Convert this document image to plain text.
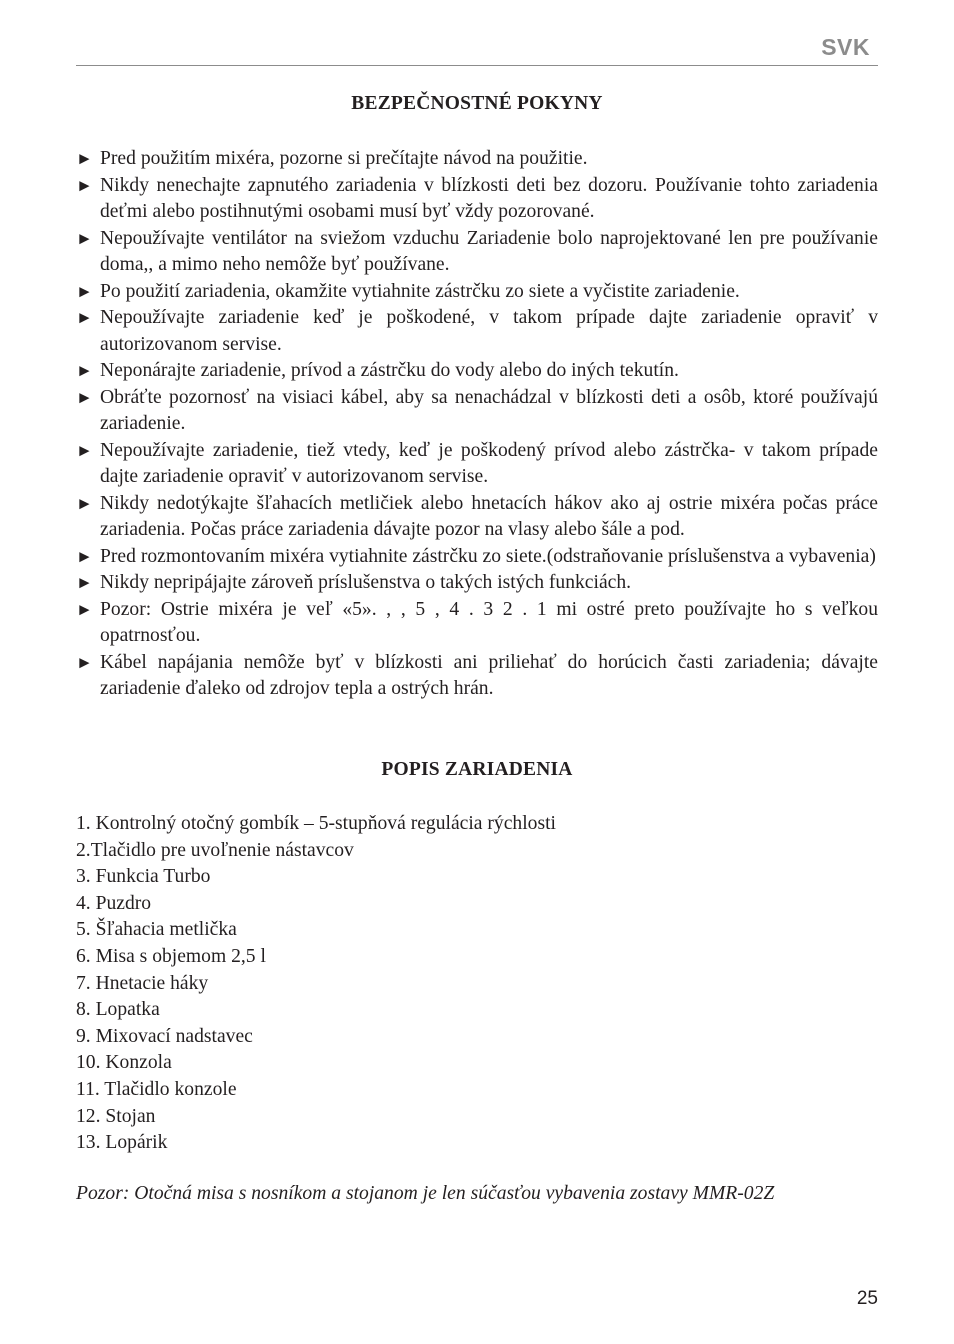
SVK
BEZPEČNOSTNÉ POKYNY
► Pred použitím mixéra, pozorne si prečítajte návod na použitie.
► Nikdy nenechajte zapnutého zariadenia v blízkosti deti bez dozoru. Používanie tohto zariadenia deťmi alebo postihnutými osobami musí byť vždy pozorované.
► Nepoužívajte ventilátor na sviežom vzduchu Zariadenie bolo naprojektované len pre používanie doma,, a mimo neho nemôže byť používane.
► Po použití zariadenia, okamžite vytiahnite zástrčku zo siete a vyčistite zariadenie.
► Nepoužívajte zariadenie keď je poškodené, v takom prípade dajte zariadenie opraviť v autorizovanom servise.
► Neponárajte zariadenie, prívod a zástrčku do vody alebo do iných tekutín.
► Obráťte pozornosť na visiaci kábel, aby sa nenachádzal v blízkosti deti a osôb, ktoré používajú zariadenie.
► Nepoužívajte zariadenie, tiež vtedy, keď je poškodený prívod alebo zástrčka- v takom prípade dajte zariadenie opraviť v autorizovanom servise.
► Nikdy nedotýkajte šľahacích metličiek alebo hnetacích hákov ako aj ostrie mixéra počas práce zariadenia. Počas práce zariadenia dávajte pozor na vlasy alebo šále a pod.
► Pred rozmontovaním mixéra vytiahnite zástrčku zo siete.(odstraňovanie príslušenstva a vybavenia)
► Nikdy nepripájajte zároveň príslušenstva o takých istých funkciách.
► Pozor: Ostrie mixéra je veľ «5». , , 5 , 4 . 3 2 . 1 mi ostré preto používajte ho s veľkou opatrnosťou.
► Kábel napájania nemôže byť v blízkosti ani priliehať do horúcich časti zariadenia; dávajte zariadenie ďaleko od zdrojov tepla a ostrých hrán.
POPIS ZARIADENIA
1. Kontrolný otočný gombík – 5-stupňová regulácia rýchlosti
2.Tlačidlo pre uvoľnenie nástavcov
3. Funkcia Turbo
4. Puzdro
5. Šľahacia metlička
6. Misa s objemom 2,5 l
7. Hnetacie háky
8. Lopatka
9. Mixovací nadstavec
10. Konzola
11. Tlačidlo konzole
12. Stojan
13. Lopárik
Pozor: Otočná misa s nosníkom a stojanom je len súčasťou vybavenia zostavy MMR-02Z
25
